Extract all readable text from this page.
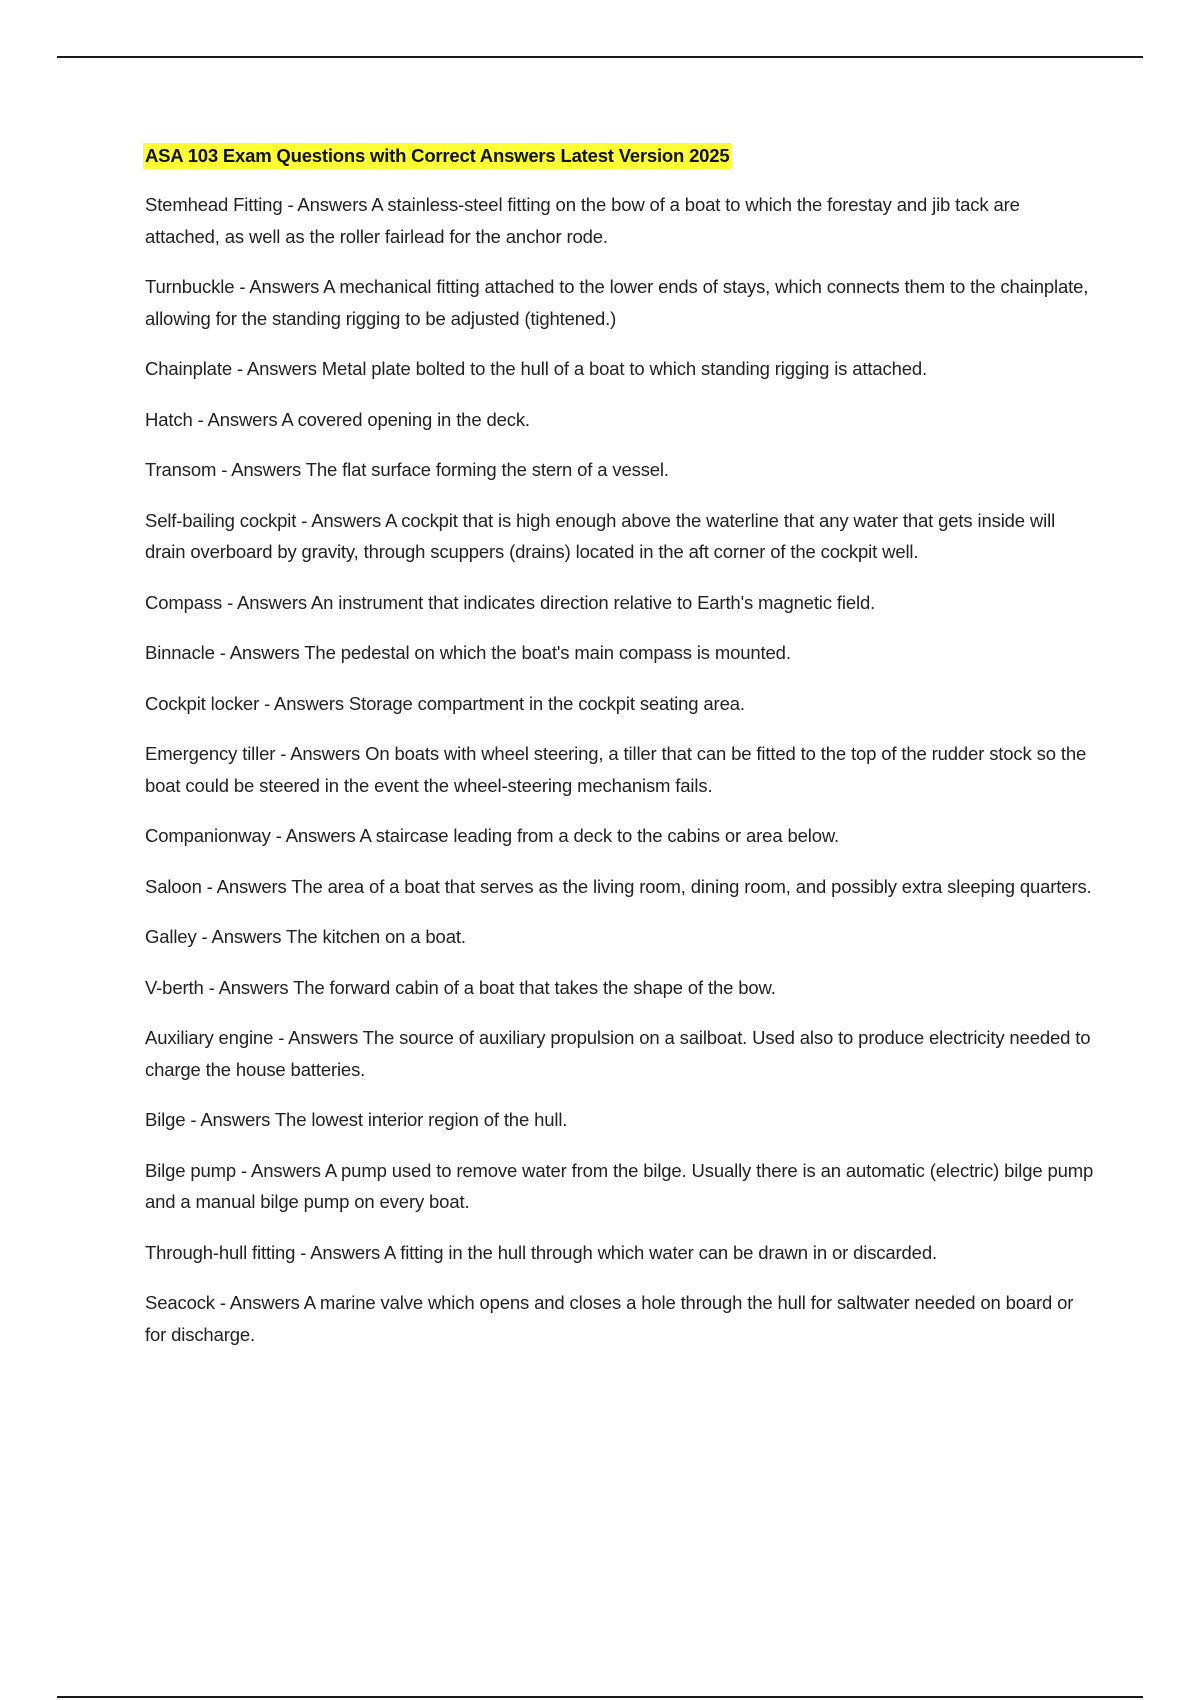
ASA 103 Exam Questions with Correct Answers Latest Version 2025

Stemhead Fitting - Answers A stainless-steel fitting on the bow of a boat to which the forestay and jib tack are attached, as well as the roller fairlead for the anchor rode.

Turnbuckle - Answers A mechanical fitting attached to the lower ends of stays, which connects them to the chainplate, allowing for the standing rigging to be adjusted (tightened.)

Chainplate - Answers Metal plate bolted to the hull of a boat to which standing rigging is attached.

Hatch - Answers A covered opening in the deck.

Transom - Answers The flat surface forming the stern of a vessel.

Self-bailing cockpit - Answers A cockpit that is high enough above the waterline that any water that gets inside will drain overboard by gravity, through scuppers (drains) located in the aft corner of the cockpit well.

Compass - Answers An instrument that indicates direction relative to Earth's magnetic field.

Binnacle - Answers The pedestal on which the boat's main compass is mounted.

Cockpit locker - Answers Storage compartment in the cockpit seating area.

Emergency tiller - Answers On boats with wheel steering, a tiller that can be fitted to the top of the rudder stock so the boat could be steered in the event the wheel-steering mechanism fails.

Companionway - Answers A staircase leading from a deck to the cabins or area below.

Saloon - Answers The area of a boat that serves as the living room, dining room, and possibly extra sleeping quarters.

Galley - Answers The kitchen on a boat.

V-berth - Answers The forward cabin of a boat that takes the shape of the bow.

Auxiliary engine - Answers The source of auxiliary propulsion on a sailboat. Used also to produce electricity needed to charge the house batteries.

Bilge - Answers The lowest interior region of the hull.

Bilge pump - Answers A pump used to remove water from the bilge. Usually there is an automatic (electric) bilge pump and a manual bilge pump on every boat.

Through-hull fitting - Answers A fitting in the hull through which water can be drawn in or discarded.

Seacock - Answers A marine valve which opens and closes a hole through the hull for saltwater needed on board or for discharge.
